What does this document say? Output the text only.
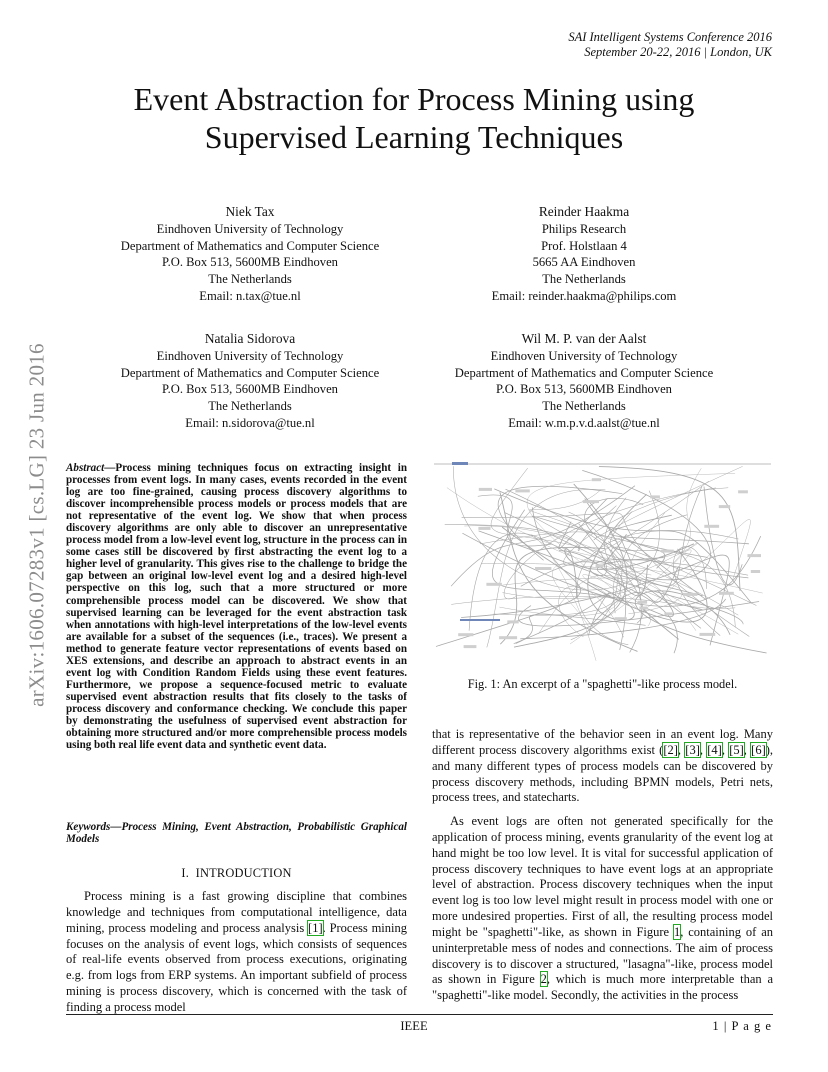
SAI Intelligent Systems Conference 2016
September 20-22, 2016 | London, UK
Event Abstraction for Process Mining using
Supervised Learning Techniques
Niek Tax
Eindhoven University of Technology
Department of Mathematics and Computer Science
P.O. Box 513, 5600MB Eindhoven
The Netherlands
Email: n.tax@tue.nl
Reinder Haakma
Philips Research
Prof. Holstlaan 4
5665 AA Eindhoven
The Netherlands
Email: reinder.haakma@philips.com
Natalia Sidorova
Eindhoven University of Technology
Department of Mathematics and Computer Science
P.O. Box 513, 5600MB Eindhoven
The Netherlands
Email: n.sidorova@tue.nl
Wil M. P. van der Aalst
Eindhoven University of Technology
Department of Mathematics and Computer Science
P.O. Box 513, 5600MB Eindhoven
The Netherlands
Email: w.m.p.v.d.aalst@tue.nl
arXiv:1606.07283v1 [cs.LG] 23 Jun 2016 Abstract—Process mining techniques focus on extracting insight in processes from event logs. In many cases, events recorded in the event log are too fine-grained, causing process discovery algorithms to discover incomprehensible process models or process models that are not representative of the event log. We show that when process discovery algorithms are only able to discover an unrepresentative process model from a low-level event log, structure in the process can in some cases still be discovered by first abstracting the event log to a higher level of granularity. This gives rise to the challenge to bridge the gap between an original low-level event log and a desired high-level perspective on this log, such that a more structured or more comprehensible process model can be discovered. We show that supervised learning can be leveraged for the event abstraction task when annotations with high-level interpretations of the low-level events are available for a subset of the sequences (i.e., traces). We present a method to generate feature vector representations of events based on XES extensions, and describe an approach to abstract events in an event log with Condition Random Fields using these event features. Furthermore, we propose a sequence-focused metric to evaluate supervised event abstraction results that fits closely to the tasks of process discovery and conformance checking. We conclude this paper by demonstrating the usefulness of supervised event abstraction for obtaining more structured and/or more comprehensible process models using both real life event data and synthetic event data.
Keywords—Process Mining, Event Abstraction, Probabilistic Graphical Models
I. INTRODUCTION
Process mining is a fast growing discipline that combines knowledge and techniques from computational intelligence, data mining, process modeling and process analysis [1]. Process mining focuses on the analysis of event logs, which consists of sequences of real-life events observed from process executions, originating e.g. from logs from ERP systems. An important subfield of process mining is process discovery, which is concerned with the task of finding a process model
Fig. 1: An excerpt of a "spaghetti"-like process model.
that is representative of the behavior seen in an event log. Many different process discovery algorithms exist ([2], [3], [4], [5], [6]), and many different types of process models can be discovered by process discovery methods, including BPMN models, Petri nets, process trees, and statecharts.
As event logs are often not generated specifically for the application of process mining, events granularity of the event log at hand might be too low level. It is vital for successful application of process discovery techniques to have event logs at an appropriate level of abstraction. Process discovery techniques when the input event log is too low level might result in process model with one or more undesired properties. First of all, the resulting process model might be "spaghetti"-like, as shown in Figure 1, containing of an uninterpretable mess of nodes and connections. The aim of process discovery is to discover a structured, "lasagna"-like, process model as shown in Figure 2, which is much more interpretable than a "spaghetti"-like model. Secondly, the activities in the process
IEEE	1 | P a g e
